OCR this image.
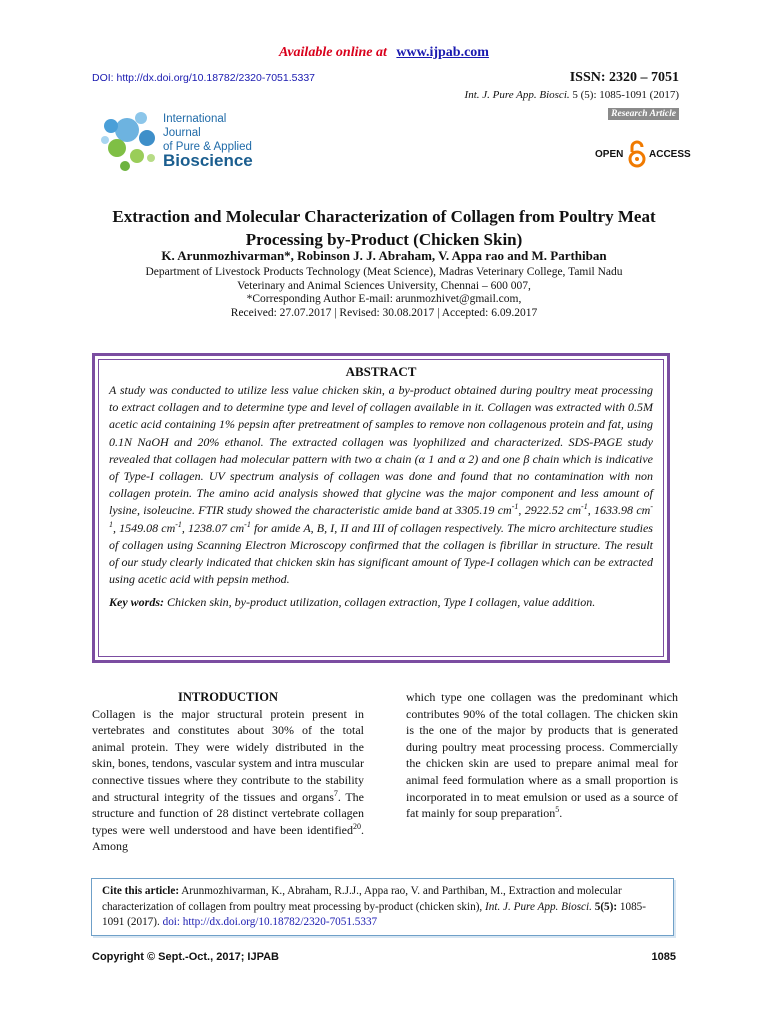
Available online at www.ijpab.com
DOI: http://dx.doi.org/10.18782/2320-7051.5337	ISSN: 2320 – 7051
Int. J. Pure App. Biosci. 5 (5): 1085-1091 (2017)
Research Article
International Journal
of Pure & Applied
Bioscience	OPEN	ACCESS
Extraction and Molecular Characterization of Collagen from Poultry Meat Processing by-Product (Chicken Skin)
K. Arunmozhivarman*, Robinson J. J. Abraham, V. Appa rao and M. Parthiban
Department of Livestock Products Technology (Meat Science), Madras Veterinary College, Tamil Nadu
Veterinary and Animal Sciences University, Chennai – 600 007,
*Corresponding Author E-mail: arunmozhivet@gmail.com,
Received: 27.07.2017 | Revised: 30.08.2017 | Accepted: 6.09.2017
ABSTRACT

A study was conducted to utilize less value chicken skin, a by-product obtained during poultry meat processing to extract collagen and to determine type and level of collagen available in it. Collagen was extracted with 0.5M acetic acid containing 1% pepsin after pretreatment of samples to remove non collagenous protein and fat, using 0.1N NaOH and 20% ethanol. The extracted collagen was lyophilized and characterized. SDS-PAGE study revealed that collagen had molecular pattern with two α chain (α 1 and α 2) and one β chain which is indicative of Type-I collagen. UV spectrum analysis of collagen was done and found that no contamination with non collagen protein. The amino acid analysis showed that glycine was the major component and less amount of lysine, isoleucine. FTIR study showed the characteristic amide band at 3305.19 $cm^{-1}$, 2922.52 $cm^{-1}$, 1633.98 $cm^{-1}$, 1549.08 $cm^{-1}$, 1238.07 $cm^{-1}$ for amide A, B, I, II and III of collagen respectively. The micro architecture studies of collagen using Scanning Electron Microscopy confirmed that the collagen is fibrillar in structure. The result of our study clearly indicated that chicken skin has significant amount of Type-I collagen which can be extracted using acetic acid with pepsin method.

Key words: Chicken skin, by-product utilization, collagen extraction, Type I collagen, value addition.
INTRODUCTION
Collagen is the major structural protein present in vertebrates and constitutes about 30% of the total animal protein. They were widely distributed in the skin, bones, tendons, vascular system and intra muscular connective tissues where they contribute to the stability and structural integrity of the tissues and organs$^7$. The structure and function of 28 distinct vertebrate collagen types were well understood and have been identified$^{20}$. Among
which type one collagen was the predominant which contributes 90% of the total collagen. The chicken skin is the one of the major by products that is generated during poultry meat processing process. Commercially the chicken skin are used to prepare animal meal for animal feed formulation where as a small proportion is incorporated in to meat emulsion or used as a source of fat mainly for soup preparation$^5$.
Cite this article: Arunmozhivarman, K., Abraham, R.J.J., Appa rao, V. and Parthiban, M., Extraction and molecular characterization of collagen from poultry meat processing by-product (chicken skin), Int. J. Pure App. Biosci. 5(5): 1085-1091 (2017). doi: http://dx.doi.org/10.18782/2320-7051.5337
Copyright © Sept.-Oct., 2017; IJPAB	1085
